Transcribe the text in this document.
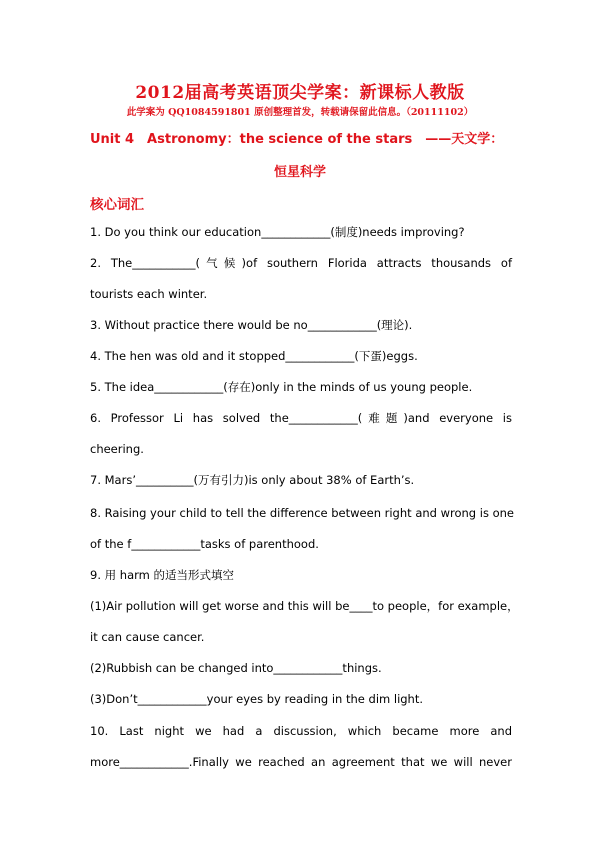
2012届高考英语顶尖学案：新课标人教版
此学案为 QQ1084591801 原创整理首发，转载请保留此信息。（20111102）
Unit 4　Astronomy：the science of the stars　——天文学：
恒星科学
核心词汇
1. Do you think our education____________(制度)needs improving?
2. The___________(气候)of southern Florida attracts thousands of
tourists each winter.
3. Without practice there would be no____________(理论).
4. The hen was old and it stopped____________(下蛋)eggs.
5. The idea____________(存在)only in the minds of us young people.
6. Professor Li has solved the____________(难题)and everyone is
cheering.
7. Mars’__________(万有引力)is only about 38% of Earth’s.
8. Raising your child to tell the difference between right and wrong is one
of the f____________tasks of parenthood.
9. 用 harm 的适当形式填空
(1)Air pollution will get worse and this will be____to people，for example，
it can cause cancer.
(2)Rubbish can be changed into____________things.
(3)Don’t____________your eyes by reading in the dim light.
10. Last night we had a discussion, which became more and
more____________.Finally we reached an agreement that we will never
